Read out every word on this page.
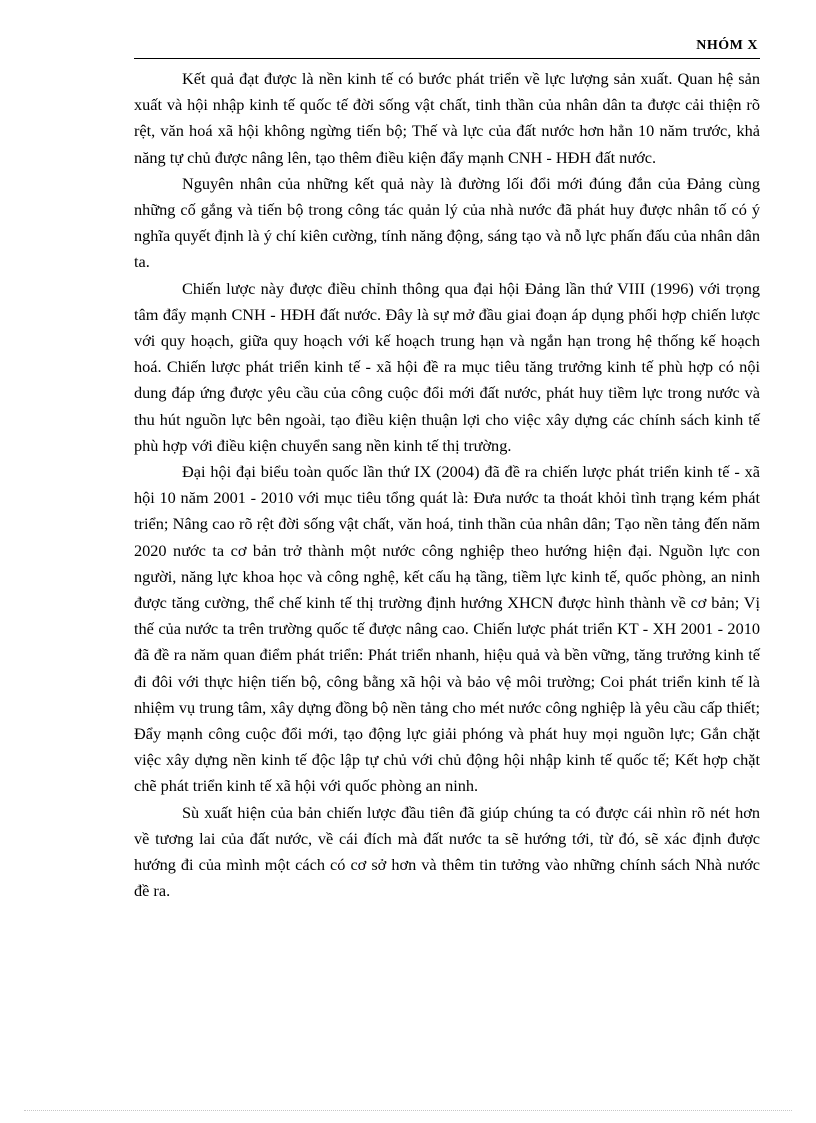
NHÓM X

Kết quả đạt được là nền kinh tế có bước phát triển về lực lượng sản xuất. Quan hệ sản xuất và hội nhập kinh tế quốc tế đời sống vật chất, tinh thần của nhân dân ta được cải thiện rõ rệt, văn hoá xã hội không ngừng tiến bộ; Thế và lực của đất nước hơn hẳn 10 năm trước, khả năng tự chủ được nâng lên, tạo thêm điều kiện đẩy mạnh CNH - HĐH đất nước.

Nguyên nhân của những kết quả này là đường lối đổi mới đúng đắn của Đảng cùng những cố gắng và tiến bộ trong công tác quản lý của nhà nước đã phát huy được nhân tố có ý nghĩa quyết định là ý chí kiên cường, tính năng động, sáng tạo và nỗ lực phấn đấu của nhân dân ta.

Chiến lược này được điều chỉnh thông qua đại hội Đảng lần thứ VIII (1996) với trọng tâm đẩy mạnh CNH - HĐH đất nước. Đây là sự mở đầu giai đoạn áp dụng phối hợp chiến lược với quy hoạch, giữa quy hoạch với kế hoạch trung hạn và ngắn hạn trong hệ thống kế hoạch hoá. Chiến lược phát triển kinh tế - xã hội đề ra mục tiêu tăng trưởng kinh tế phù hợp có nội dung đáp ứng được yêu cầu của công cuộc đổi mới đất nước, phát huy tiềm lực trong nước và thu hút nguồn lực bên ngoài, tạo điều kiện thuận lợi cho việc xây dựng các chính sách kinh tế phù hợp với điều kiện chuyển sang nền kinh tế thị trường.

Đại hội đại biểu toàn quốc lần thứ IX (2004) đã đề ra chiến lược phát triển kinh tế - xã hội 10 năm 2001 - 2010 với mục tiêu tổng quát là: Đưa nước ta thoát khỏi tình trạng kém phát triển; Nâng cao rõ rệt đời sống vật chất, văn hoá, tinh thần của nhân dân; Tạo nền tảng đến năm 2020 nước ta cơ bản trở thành một nước công nghiệp theo hướng hiện đại. Nguồn lực con người, năng lực khoa học và công nghệ, kết cấu hạ tầng, tiềm lực kinh tế, quốc phòng, an ninh được tăng cường, thể chế kinh tế thị trường định hướng XHCN được hình thành về cơ bản; Vị thế của nước ta trên trường quốc tế được nâng cao. Chiến lược phát triển KT - XH 2001 - 2010 đã đề ra năm quan điểm phát triển: Phát triển nhanh, hiệu quả và bền vững, tăng trưởng kinh tế đi đôi với thực hiện tiến bộ, công bằng xã hội và bảo vệ môi trường; Coi phát triển kinh tế là nhiệm vụ trung tâm, xây dựng đồng bộ nền tảng cho mét nước công nghiệp là yêu cầu cấp thiết; Đẩy mạnh công cuộc đổi mới, tạo động lực giải phóng và phát huy mọi nguồn lực; Gắn chặt việc xây dựng nền kinh tế độc lập tự chủ với chủ động hội nhập kinh tế quốc tế; Kết hợp chặt chẽ phát triển kinh tế xã hội với quốc phòng an ninh.

Sù xuất hiện của bản chiến lược đầu tiên đã giúp chúng ta có được cái nhìn rõ nét hơn về tương lai của đất nước, về cái đích mà đất nước ta sẽ hướng tới, từ đó, sẽ xác định được hướng đi của mình một cách có cơ sở hơn và thêm tin tưởng vào những chính sách Nhà nước đề ra.
